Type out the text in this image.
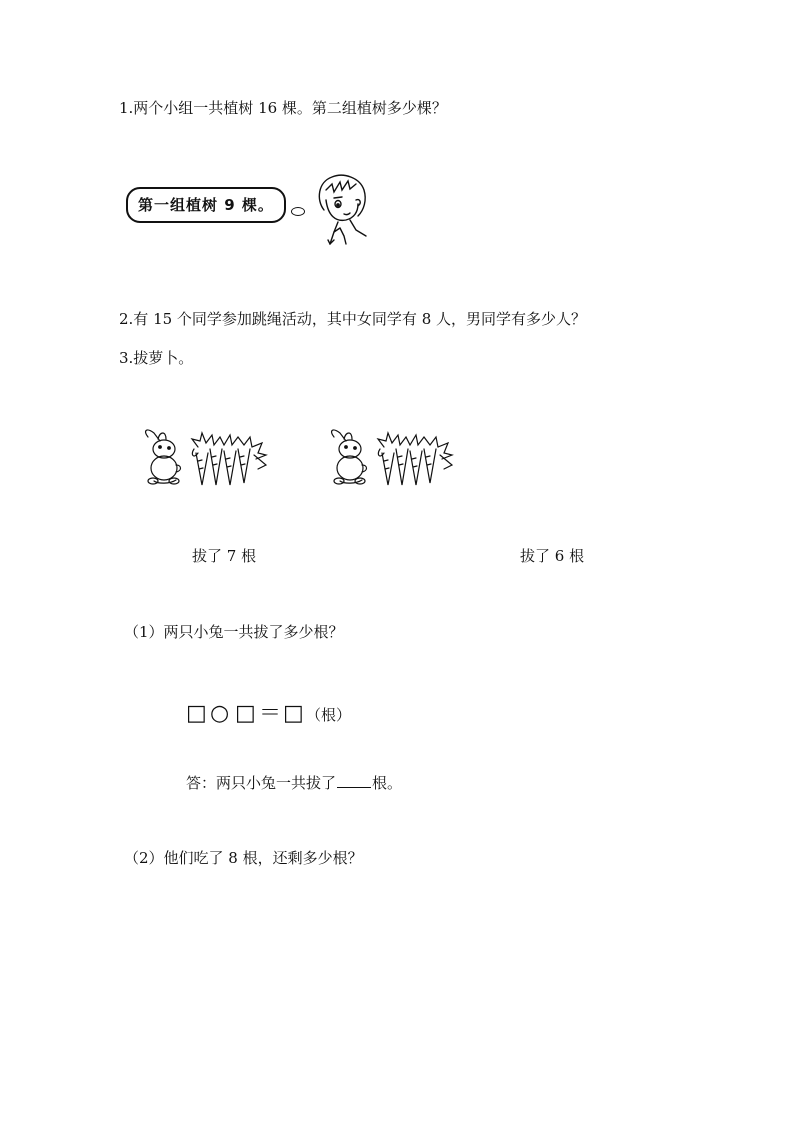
1.两个小组一共植树 16 棵。第二组植树多少棵？
第一组植树 9 棵。
2.有 15 个同学参加跳绳活动，其中女同学有 8 人，男同学有多少人？
3.拔萝卜。
拔了 7 根	拔了 6 根
（1）两只小兔一共拔了多少根？
□ ○ □ ＝ □ （根）
答：两只小兔一共拔了 根。
（2）他们吃了 8 根，还剩多少根？
